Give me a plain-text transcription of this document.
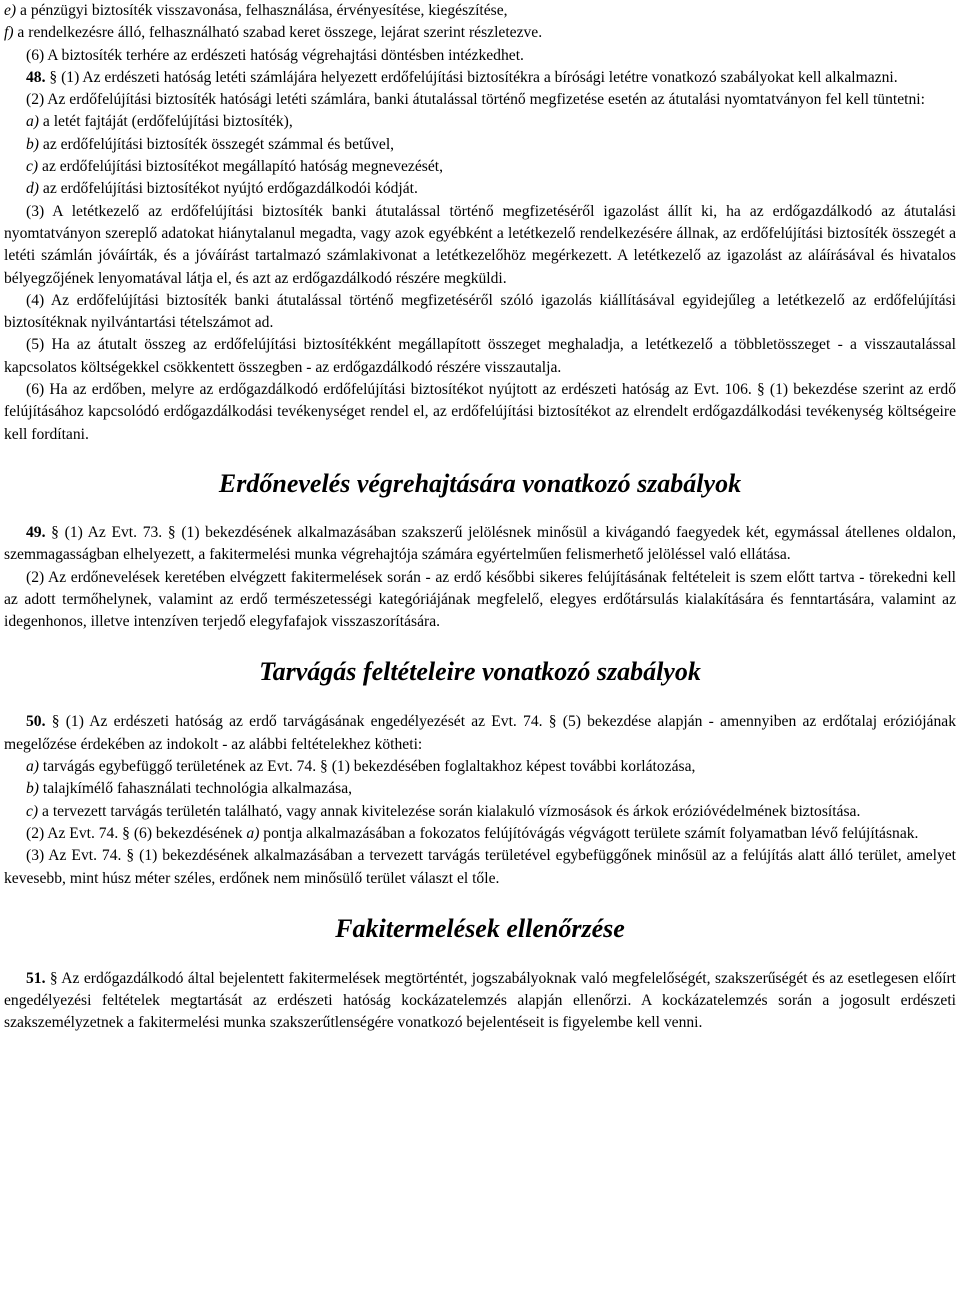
e) a pénzügyi biztosíték visszavonása, felhasználása, érvényesítése, kiegészítése,

f) a rendelkezésre álló, felhasználható szabad keret összege, lejárat szerint részletezve.

(6) A biztosíték terhére az erdészeti hatóság végrehajtási döntésben intézkedhet.

48. § (1) Az erdészeti hatóság letéti számlájára helyezett erdőfelújítási biztosítékra a bírósági letétre vonatkozó szabályokat kell alkalmazni.

(2) Az erdőfelújítási biztosíték hatósági letéti számlára, banki átutalással történő megfizetése esetén az átutalási nyomtatványon fel kell tüntetni:

a) a letét fajtáját (erdőfelújítási biztosíték),

b) az erdőfelújítási biztosíték összegét számmal és betűvel,

c) az erdőfelújítási biztosítékot megállapító hatóság megnevezését,

d) az erdőfelújítási biztosítékot nyújtó erdőgazdálkodói kódját.

(3) A letétkezelő az erdőfelújítási biztosíték banki átutalással történő megfizetéséről igazolást állít ki, ha az erdőgazdálkodó az átutalási nyomtatványon szereplő adatokat hiánytalanul megadta, vagy azok egyébként a letétkezelő rendelkezésére állnak, az erdőfelújítási biztosíték összegét a letéti számlán jóváírták, és a jóváírást tartalmazó számlakivonat a letétkezelőhöz megérkezett. A letétkezelő az igazolást az aláírásával és hivatalos bélyegzőjének lenyomatával látja el, és azt az erdőgazdálkodó részére megküldi.

(4) Az erdőfelújítási biztosíték banki átutalással történő megfizetéséről szóló igazolás kiállításával egyidejűleg a letétkezelő az erdőfelújítási biztosítéknak nyilvántartási tételszámot ad.

(5) Ha az átutalt összeg az erdőfelújítási biztosítékként megállapított összeget meghaladja, a letétkezelő a többletösszeget - a visszautalással kapcsolatos költségekkel csökkentett összegben - az erdőgazdálkodó részére visszautalja.

(6) Ha az erdőben, melyre az erdőgazdálkodó erdőfelújítási biztosítékot nyújtott az erdészeti hatóság az Evt. 106. § (1) bekezdése szerint az erdő felújításához kapcsolódó erdőgazdálkodási tevékenységet rendel el, az erdőfelújítási biztosítékot az elrendelt erdőgazdálkodási tevékenység költségeire kell fordítani.

Erdőnevelés végrehajtására vonatkozó szabályok

49. § (1) Az Evt. 73. § (1) bekezdésének alkalmazásában szakszerű jelölésnek minősül a kivágandó faegyedek két, egymással átellenes oldalon, szemmagasságban elhelyezett, a fakitermelési munka végrehajtója számára egyértelműen felismerhető jelöléssel való ellátása.

(2) Az erdőnevelések keretében elvégzett fakitermelések során - az erdő későbbi sikeres felújításának feltételeit is szem előtt tartva - törekedni kell az adott termőhelynek, valamint az erdő természetességi kategóriájának megfelelő, elegyes erdőtársulás kialakítására és fenntartására, valamint az idegenhonos, illetve intenzíven terjedő elegyfafajok visszaszorítására.

Tarvágás feltételeire vonatkozó szabályok

50. § (1) Az erdészeti hatóság az erdő tarvágásának engedélyezését az Evt. 74. § (5) bekezdése alapján - amennyiben az erdőtalaj eróziójának megelőzése érdekében az indokolt - az alábbi feltételekhez kötheti:

a) tarvágás egybefüggő területének az Evt. 74. § (1) bekezdésében foglaltakhoz képest további korlátozása,

b) talajkímélő fahasználati technológia alkalmazása,

c) a tervezett tarvágás területén található, vagy annak kivitelezése során kialakuló vízmosások és árkok erózióvédelmének biztosítása.

(2) Az Evt. 74. § (6) bekezdésének a) pontja alkalmazásában a fokozatos felújítóvágás végvágott területe számít folyamatban lévő felújításnak.

(3) Az Evt. 74. § (1) bekezdésének alkalmazásában a tervezett tarvágás területével egybefüggőnek minősül az a felújítás alatt álló terület, amelyet kevesebb, mint húsz méter széles, erdőnek nem minősülő terület választ el tőle.

Fakitermelések ellenőrzése

51. § Az erdőgazdálkodó által bejelentett fakitermelések megtörténtét, jogszabályoknak való megfelelőségét, szakszerűségét és az esetlegesen előírt engedélyezési feltételek megtartását az erdészeti hatóság kockázatelemzés alapján ellenőrzi. A kockázatelemzés során a jogosult erdészeti szakszemélyzetnek a fakitermelési munka szakszerűtlenségére vonatkozó bejelentéseit is figyelembe kell venni.
